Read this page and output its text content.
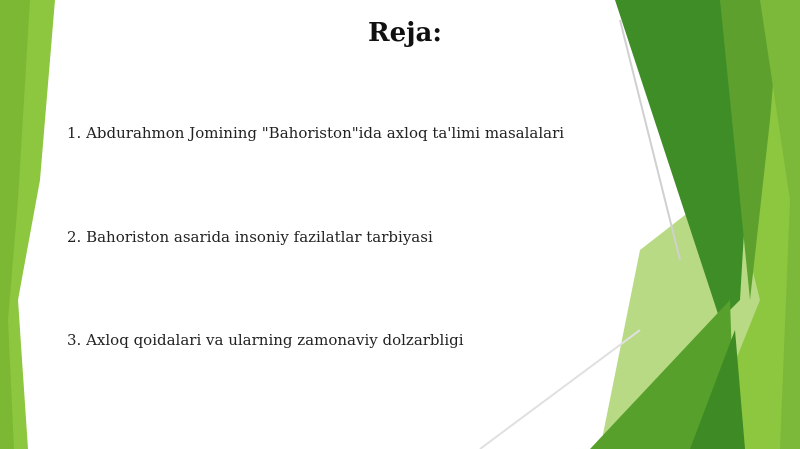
Reja:
1. Abdurahmon Jomining "Bahoriston"ida axloq ta'limi masalalari
2. Bahoriston asarida insoniy fazilatlar tarbiyasi
3. Axloq qoidalari va ularning zamonaviy dolzarbligi
